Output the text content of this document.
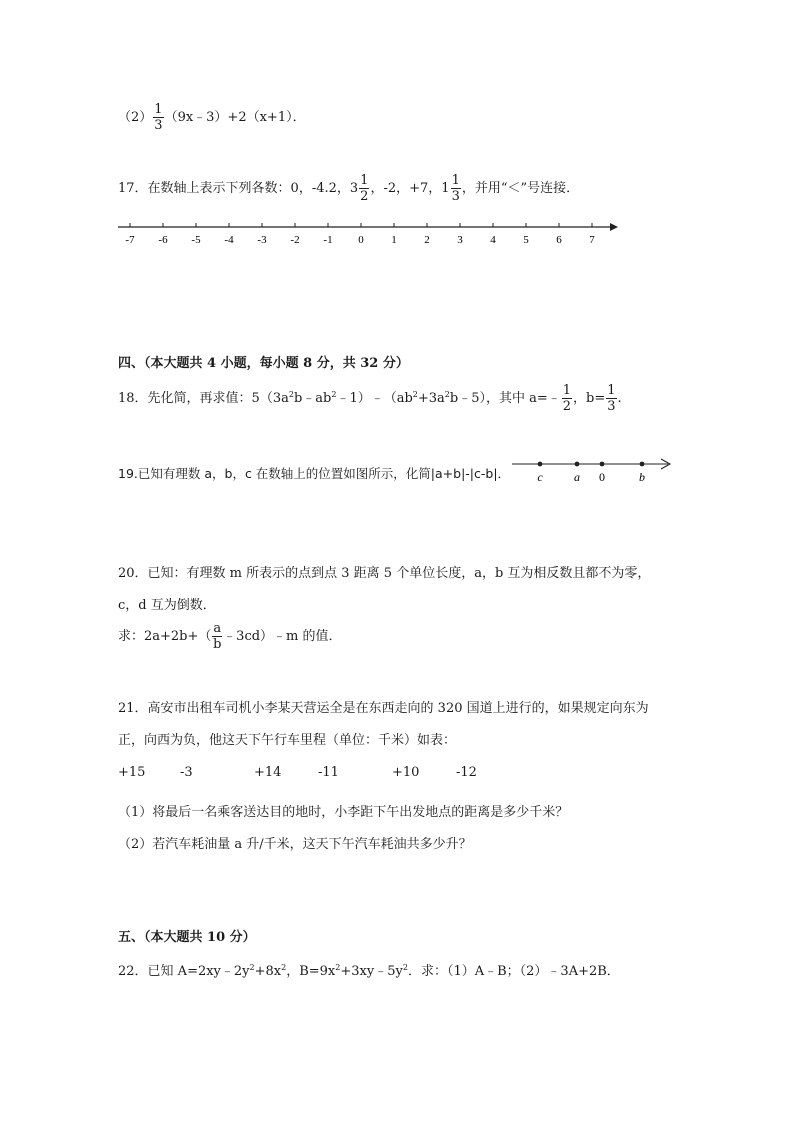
$(2) \frac{1}{3}$ （9x﹣3）+2（x+1）．
17．在数轴上表示下列各数：0，-4.2， $3 \frac{1}{2}$ ，-2，+7， $1 \frac{1}{3}$ ，并用“＜”号连接．
-7 -6 -5 -4 -3 -2 -1 0	1	2	3	4	5	6	7
四、（本大题共 4 小题，每小题 8 分，共 32 分）
18．先化简，再求值：$5(3a^2b﹣ab^2﹣1)﹣(ab^2+3a^2b﹣5)$，其中 a=﹣ $\frac{1}{2}$ ，$b= \frac{1}{3}$ .
19.已知有理数 a，b，c 在数轴上的位置如图所示，化简|a+b|-|c-b|． c	a 0	b
20．已知：有理数 m 所表示的点到点 3 距离 5 个单位长度，a，b 互为相反数且都不为零，
c，d 互为倒数．
求：$2a+2b+( \frac{a}{b}$ ﹣3cd）﹣m 的值．
21．高安市出租车司机小李某天营运全是在东西走向的 320 国道上进行的，如果规定向东为
正，向西为负，他这天下午行车里程（单位：千米）如表：
+15	-3	+14	-11	+10	-12
（1）将最后一名乘客送达目的地时，小李距下午出发地点的距离是多少千米？
（2）若汽车耗油量 a 升/千米，这天下午汽车耗油共多少升？
五、（本大题共 10 分）
22．已知 $A=2xy﹣2y^2+8x^2$，$B=9x^2+3xy﹣5y^2$．求：（1）A﹣B；（2）﹣3A+2B．
